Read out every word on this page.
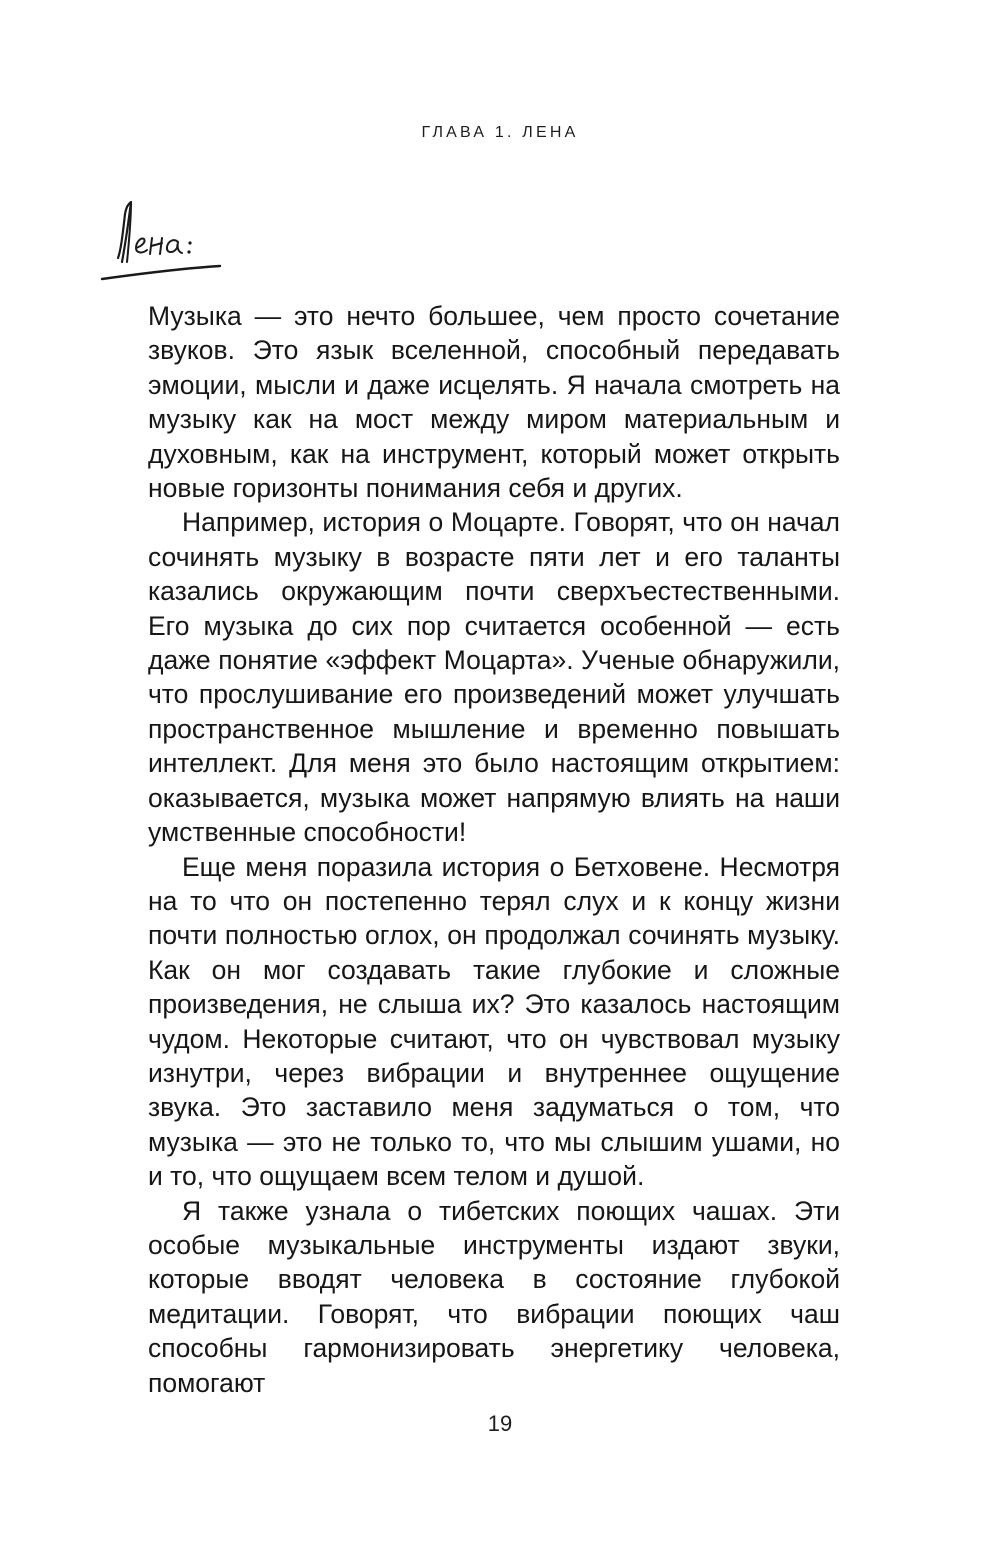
ГЛАВА 1. ЛЕНА

Музыка — это нечто большее, чем просто сочетание звуков. Это язык вселенной, способный передавать эмоции, мысли и даже исцелять. Я начала смотреть на музыку как на мост между миром материальным и духовным, как на инструмент, который может открыть новые горизонты понимания себя и других.

Например, история о Моцарте. Говорят, что он начал сочинять музыку в возрасте пяти лет и его таланты казались окружающим почти сверхъестественными. Его музыка до сих пор считается особенной — есть даже понятие «эффект Моцарта». Ученые обнаружили, что прослушивание его произведений может улучшать пространственное мышление и временно повышать интеллект. Для меня это было настоящим открытием: оказывается, музыка может напрямую влиять на наши умственные способности!

Еще меня поразила история о Бетховене. Несмотря на то что он постепенно терял слух и к концу жизни почти полностью оглох, он продолжал сочинять музыку. Как он мог создавать такие глубокие и сложные произведения, не слыша их? Это казалось настоящим чудом. Некоторые считают, что он чувствовал музыку изнутри, через вибрации и внутреннее ощущение звука. Это заставило меня задуматься о том, что музыка — это не только то, что мы слышим ушами, но и то, что ощущаем всем телом и душой.

Я также узнала о тибетских поющих чашах. Эти особые музыкальные инструменты издают звуки, которые вводят человека в состояние глубокой медитации. Говорят, что вибрации поющих чаш способны гармонизировать энергетику человека, помогают

19
